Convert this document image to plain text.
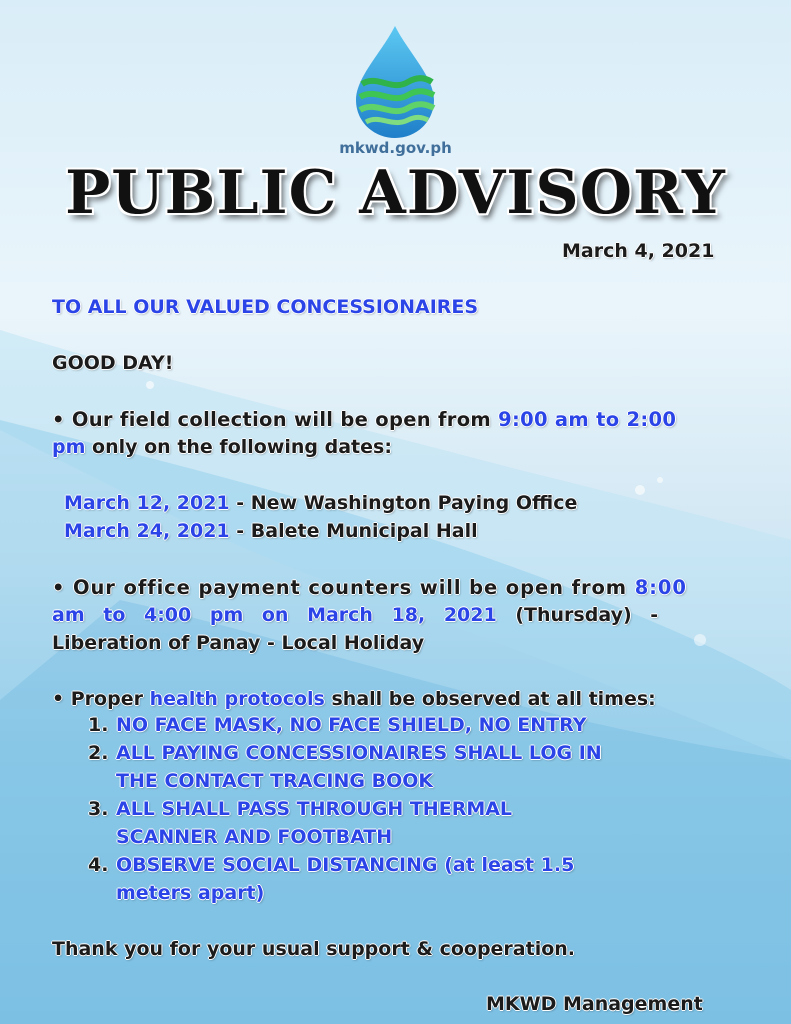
mkwd.gov.ph
PUBLIC ADVISORY
March 4, 2021
TO ALL OUR VALUED CONCESSIONAIRES
GOOD DAY!
• Our field collection will be open from 9:00 am to 2:00
pm only on the following dates:
March 12, 2021 - New Washington Paying Office
March 24, 2021 - Balete Municipal Hall
• Our office payment counters will be open from 8:00
am to 4:00 pm on March 18, 2021 (Thursday) -
Liberation of Panay - Local Holiday
• Proper health protocols shall be observed at all times:
1. NO FACE MASK, NO FACE SHIELD, NO ENTRY
2. ALL PAYING CONCESSIONAIRES SHALL LOG IN
THE CONTACT TRACING BOOK
3. ALL SHALL PASS THROUGH THERMAL
SCANNER AND FOOTBATH
4. OBSERVE SOCIAL DISTANCING (at least 1.5
meters apart)
Thank you for your usual support & cooperation.
MKWD Management
